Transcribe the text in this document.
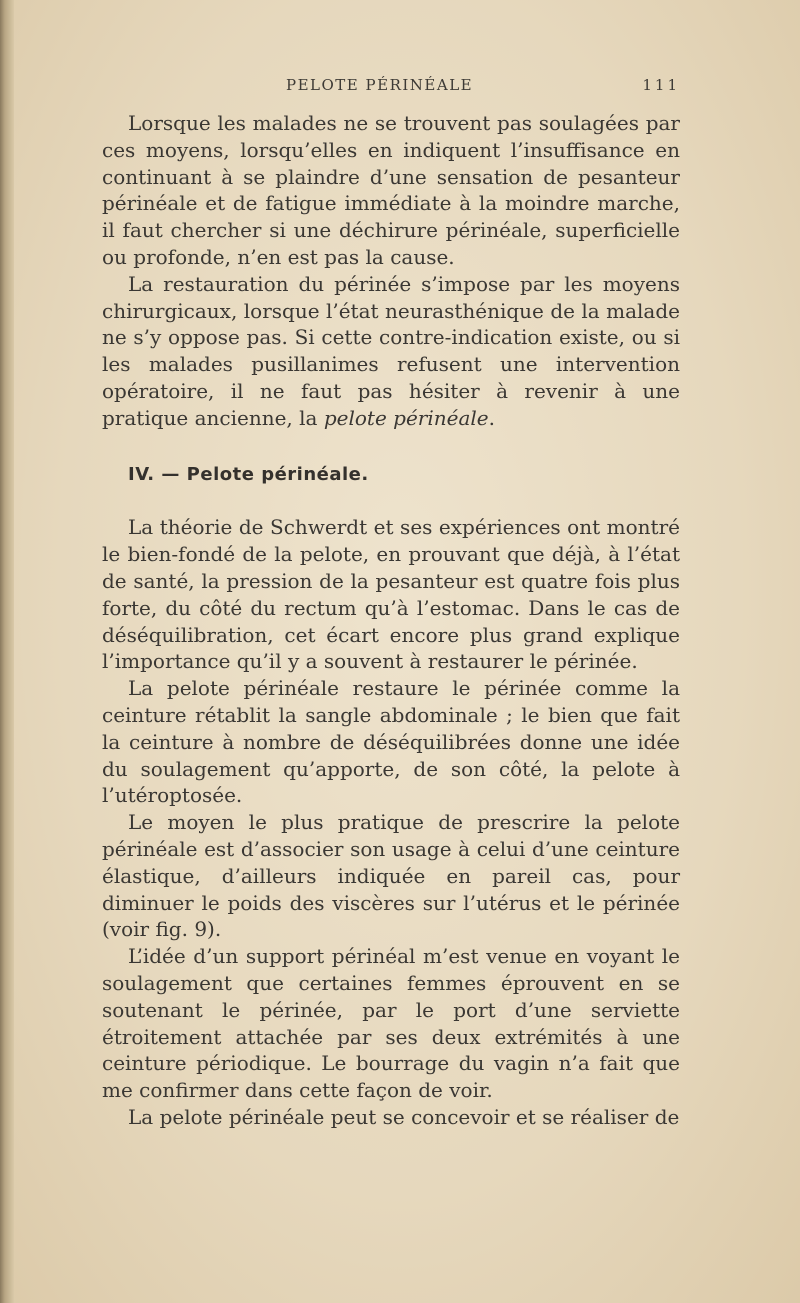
PELOTE PÉRINÉALE	111

Lorsque les malades ne se trouvent pas soulagées par ces moyens, lorsqu’elles en indiquent l’insuffisance en continuant à se plaindre d’une sensation de pesanteur périnéale et de fatigue immédiate à la moindre marche, il faut chercher si une déchirure périnéale, superficielle ou profonde, n’en est pas la cause.

La restauration du périnée s’impose par les moyens chirurgicaux, lorsque l’état neurasthénique de la malade ne s’y oppose pas. Si cette contre-indication existe, ou si les malades pusillanimes refusent une intervention opératoire, il ne faut pas hésiter à revenir à une pratique ancienne, la pelote périnéale.

IV. — Pelote périnéale.

La théorie de Schwerdt et ses expériences ont montré le bien-fondé de la pelote, en prouvant que déjà, à l’état de santé, la pression de la pesanteur est quatre fois plus forte, du côté du rectum qu’à l’estomac. Dans le cas de déséquilibration, cet écart encore plus grand explique l’importance qu’il y a souvent à restaurer le périnée.

La pelote périnéale restaure le périnée comme la ceinture rétablit la sangle abdominale ; le bien que fait la ceinture à nombre de déséquilibrées donne une idée du soulagement qu’apporte, de son côté, la pelote à l’utéroptosée.

Le moyen le plus pratique de prescrire la pelote périnéale est d’associer son usage à celui d’une ceinture élastique, d’ailleurs indiquée en pareil cas, pour diminuer le poids des viscères sur l’utérus et le périnée (voir fig. 9).

L’idée d’un support périnéal m’est venue en voyant le soulagement que certaines femmes éprouvent en se soutenant le périnée, par le port d’une serviette étroitement attachée par ses deux extrémités à une ceinture périodique. Le bourrage du vagin n’a fait que me confirmer dans cette façon de voir.

La pelote périnéale peut se concevoir et se réaliser de
